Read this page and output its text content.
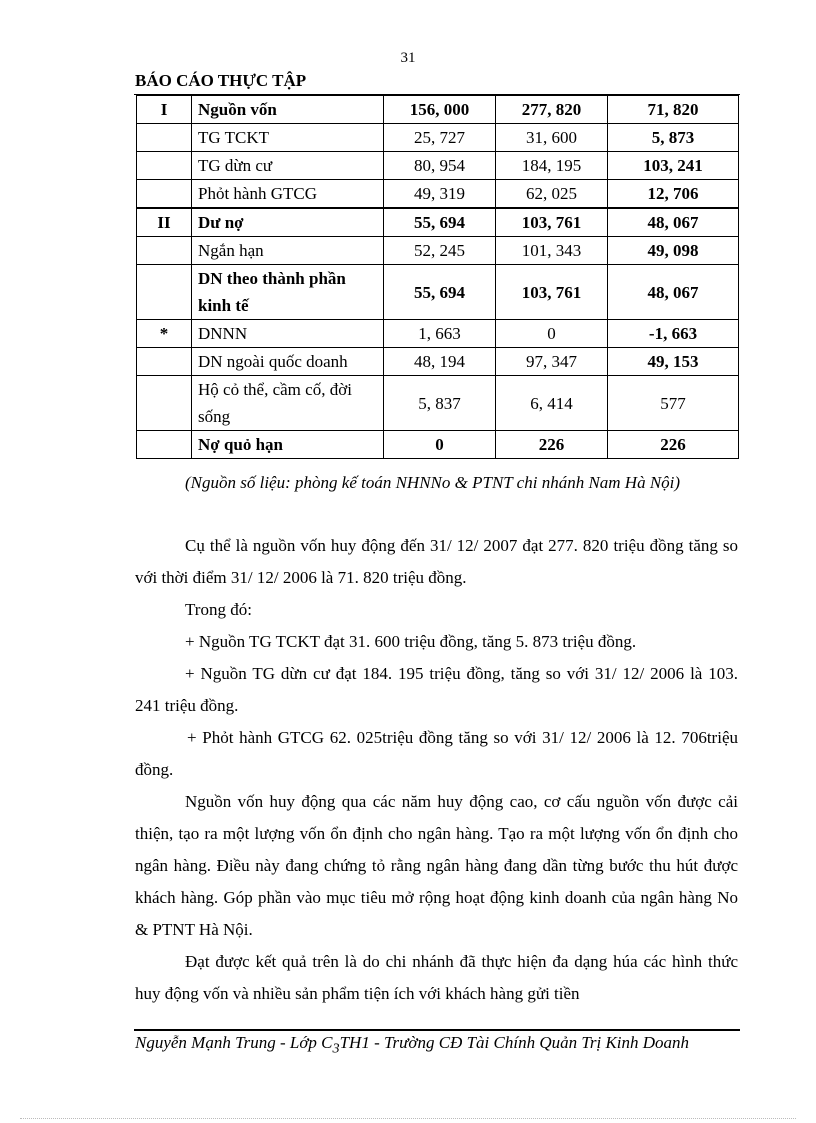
31
BÁO CÁO THỰC TẬP
I	Nguồn vốn	156, 000	277, 820	71, 820
	TG TCKT	25, 727	31, 600	5, 873
	TG dừn cư	80, 954	184, 195	103, 241
	Phỏt hành GTCG	49, 319	62, 025	12, 706
II	Dư nợ	55, 694	103, 761	48, 067
	Ngắn hạn	52, 245	101, 343	49, 098
	DN theo thành phần kinh tế	55, 694	103, 761	48, 067
*	DNNN	1, 663	0	-1, 663
	DN ngoài quốc doanh	48, 194	97, 347	49, 153
	Hộ cỏ thể, cầm cố, đời sống	5, 837	6, 414	577
	Nợ quỏ hạn	0	226	226
(Nguồn số liệu: phòng kế toán NHNNo & PTNT chi nhánh Nam Hà Nội)

Cụ thể là nguồn vốn huy động đến 31/ 12/ 2007 đạt 277. 820 triệu đồng tăng so với thời điểm 31/ 12/ 2006 là 71. 820 triệu đồng.

Trong đó:

+ Nguồn TG TCKT đạt 31. 600 triệu đồng, tăng 5. 873 triệu đồng.

+ Nguồn TG dừn cư đạt 184. 195 triệu đồng, tăng so với 31/ 12/ 2006 là 103. 241 triệu đồng.

+ Phỏt hành GTCG 62. 025triệu đồng tăng so với 31/ 12/ 2006 là 12. 706triệu đồng.

Nguồn vốn huy động qua các năm huy động cao, cơ cấu nguồn vốn được cải thiện, tạo ra một lượng vốn ổn định cho ngân hàng. Tạo ra một lượng vốn ổn định cho ngân hàng. Điều này đang chứng tỏ rằng ngân hàng đang dần từng bước thu hút được khách hàng. Góp phần vào mục tiêu mở rộng hoạt động kinh doanh của ngân hàng No & PTNT Hà Nội.

Đạt được kết quả trên là do chi nhánh đã thực hiện đa dạng húa các hình thức huy động vốn và nhiều sản phẩm tiện ích với khách hàng gửi tiền

Nguyễn Mạnh Trung - Lớp $C_3TH1$ - Trường CĐ Tài Chính Quản Trị Kinh Doanh
